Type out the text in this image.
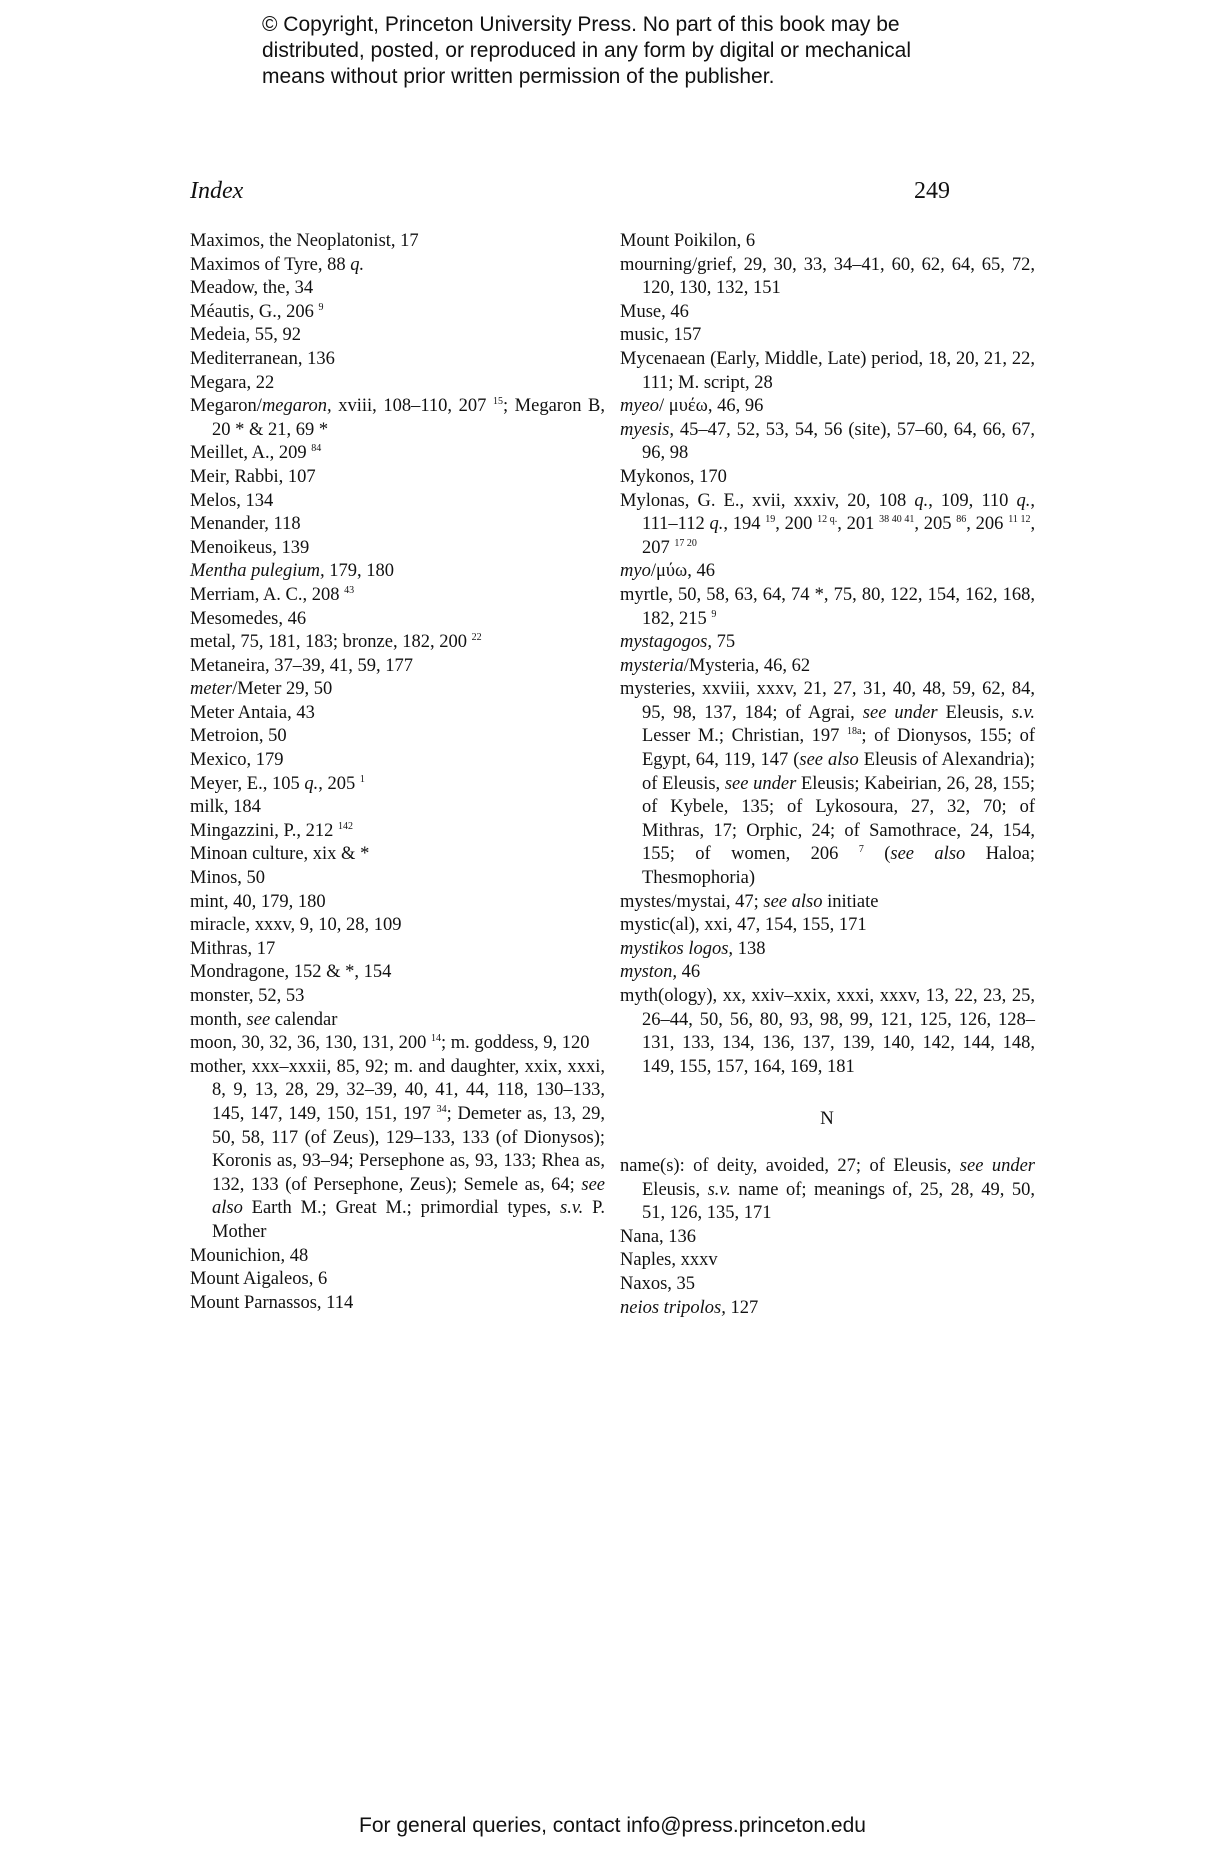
© Copyright, Princeton University Press. No part of this book may be
distributed, posted, or reproduced in any form by digital or mechanical
means without prior written permission of the publisher.
Index	249
Maximos, the Neoplatonist, 17
Maximos of Tyre, 88 q.
Meadow, the, 34
Méautis, G., 206 $^9$
Medeia, 55, 92
Mediterranean, 136
Megara, 22
Megaron/megaron, xviii, 108–110, 207 $^{15}$; Megaron B, 20 * & 21, 69 *
Meillet, A., 209 $^{84}$
Meir, Rabbi, 107
Melos, 134
Menander, 118
Menoikeus, 139
Mentha pulegium, 179, 180
Merriam, A. C., 208 $^{43}$
Mesomedes, 46
metal, 75, 181, 183; bronze, 182, 200 $^{22}$
Metaneira, 37–39, 41, 59, 177
meter/Meter 29, 50
Meter Antaia, 43
Metroion, 50
Mexico, 179
Meyer, E., 105 q., 205 $^1$
milk, 184
Mingazzini, P., 212 $^{142}$
Minoan culture, xix & *
Minos, 50
mint, 40, 179, 180
miracle, xxxv, 9, 10, 28, 109
Mithras, 17
Mondragone, 152 & *, 154
monster, 52, 53
month, see calendar
moon, 30, 32, 36, 130, 131, 200 $^{14}$; m. goddess, 9, 120
mother, xxx–xxxii, 85, 92; m. and daughter, xxix, xxxi, 8, 9, 13, 28, 29, 32–39, 40, 41, 44, 118, 130–133, 145, 147, 149, 150, 151, 197 $^{34}$; Demeter as, 13, 29, 50, 58, 117 (of Zeus), 129–133, 133 (of Dionysos); Koronis as, 93–94; Persephone as, 93, 133; Rhea as, 132, 133 (of Persephone, Zeus); Semele as, 64; see also Earth M.; Great M.; primordial types, s.v. P. Mother
Mounichion, 48
Mount Aigaleos, 6
Mount Parnassos, 114
Mount Poikilon, 6
mourning/grief, 29, 30, 33, 34–41, 60, 62, 64, 65, 72, 120, 130, 132, 151
Muse, 46
music, 157
Mycenaean (Early, Middle, Late) period, 18, 20, 21, 22, 111; M. script, 28
myeo/ μυέω, 46, 96
myesis, 45–47, 52, 53, 54, 56 (site), 57–60, 64, 66, 67, 96, 98
Mykonos, 170
Mylonas, G. E., xvii, xxxiv, 20, 108 q., 109, 110 q., 111–112 q., 194 $^{19}$, 200 $^{12 q.}$, 201 $^{38 40 41}$, 205 $^{86}$, 206 $^{11 12}$, 207 $^{17 20}$
myo/μύω, 46
myrtle, 50, 58, 63, 64, 74 *, 75, 80, 122, 154, 162, 168, 182, 215 $^9$
mystagogos, 75
mysteria/Mysteria, 46, 62
mysteries, xxviii, xxxv, 21, 27, 31, 40, 48, 59, 62, 84, 95, 98, 137, 184; of Agrai, see under Eleusis, s.v. Lesser M.; Christian, 197 $^{18a}$; of Dionysos, 155; of Egypt, 64, 119, 147 (see also Eleusis of Alexandria); of Eleusis, see under Eleusis; Kabeirian, 26, 28, 155; of Kybele, 135; of Lykosoura, 27, 32, 70; of Mithras, 17; Orphic, 24; of Samothrace, 24, 154, 155; of women, 206 $^7$ (see also Haloa; Thesmophoria)
mystes/mystai, 47; see also initiate
mystic(al), xxi, 47, 154, 155, 171
mystikos logos, 138
myston, 46
myth(ology), xx, xxiv–xxix, xxxi, xxxv, 13, 22, 23, 25, 26–44, 50, 56, 80, 93, 98, 99, 121, 125, 126, 128–131, 133, 134, 136, 137, 139, 140, 142, 144, 148, 149, 155, 157, 164, 169, 181
N
name(s): of deity, avoided, 27; of Eleusis, see under Eleusis, s.v. name of; meanings of, 25, 28, 49, 50, 51, 126, 135, 171
Nana, 136
Naples, xxxv
Naxos, 35
neios tripolos, 127
For general queries, contact info@press.princeton.edu
